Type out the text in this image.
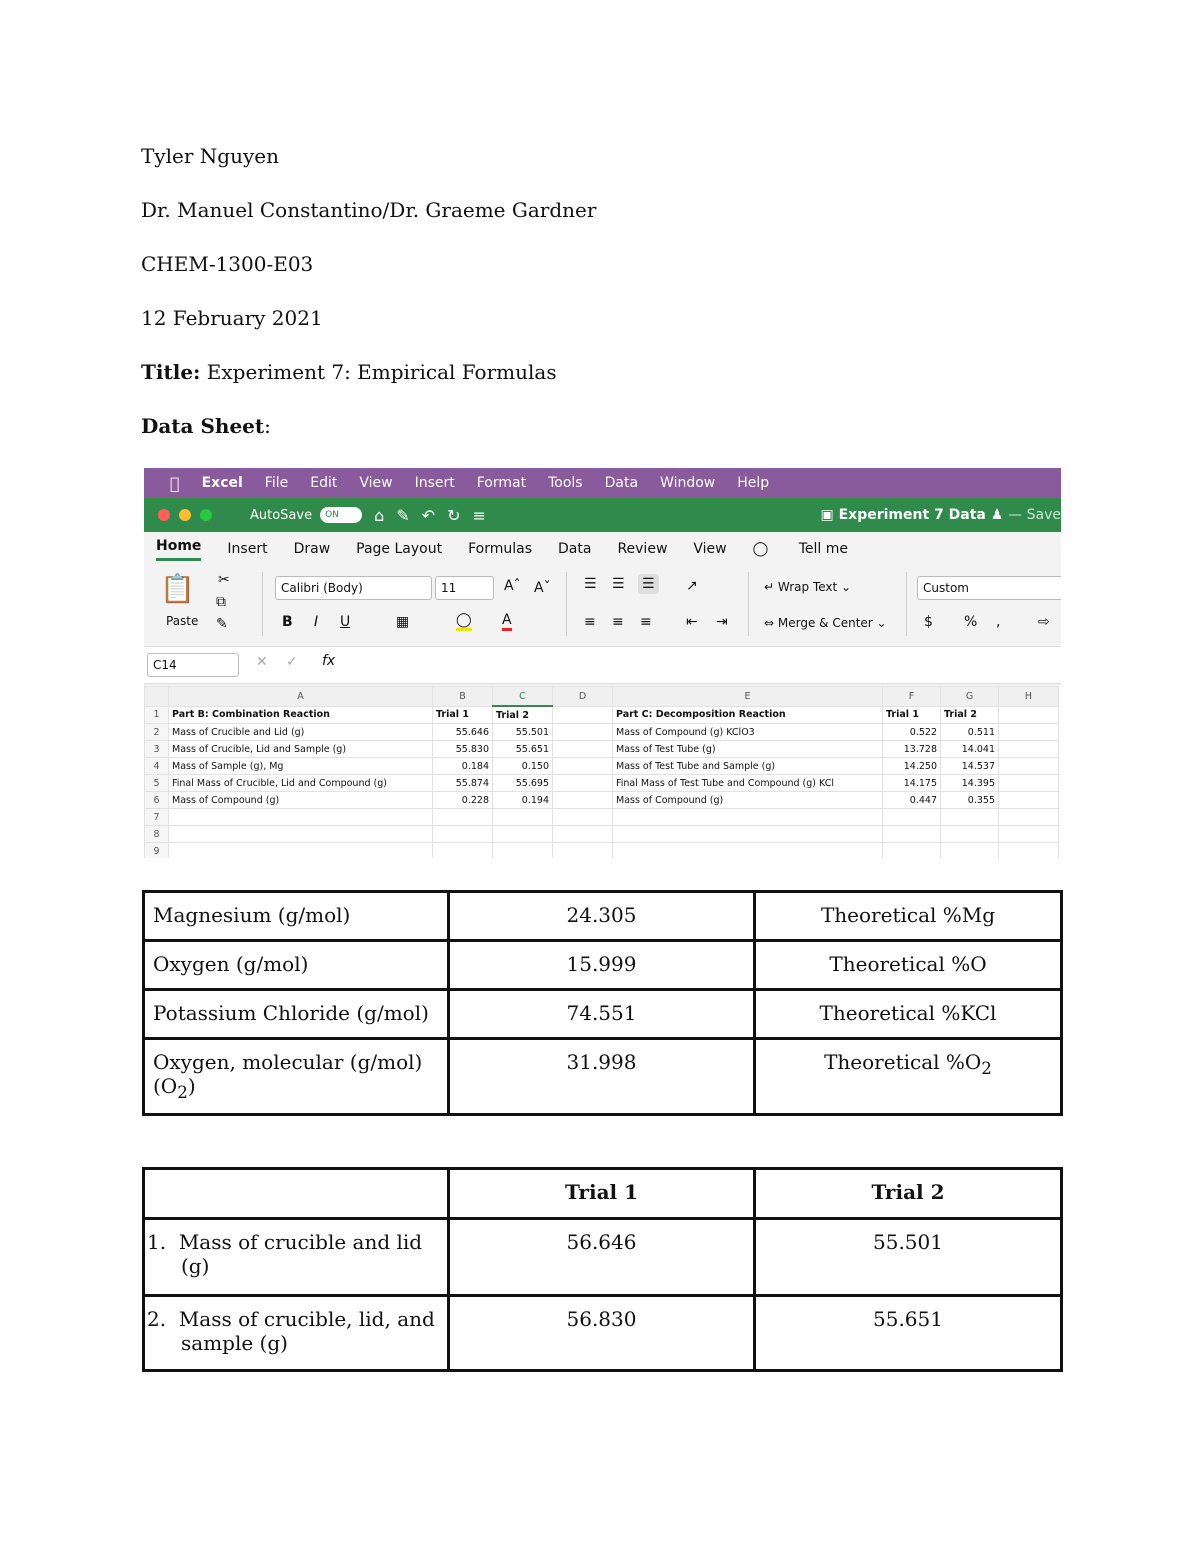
Tyler Nguyen
Dr. Manuel Constantino/Dr. Graeme Gardner
CHEM-1300-E03
12 February 2021
Title: Experiment 7: Empirical Formulas
Data Sheet:
Excel File Edit View Insert Format Tools Data Window Help
AutoSave	ON	⌂ ✎ ↶ ↻ ≡	▣ Experiment 7 Data ♟ — Save
Home Insert Draw Page Layout Formulas Data Review View ◯ Tell me
📋
Paste
✂
⧉
✎
Calibri (Body)	11	Aˆ Aˇ
B I U	▦	◯ A
☰ ☰ ☰
≡ ≡ ≡
↗
⇤ ⇥
↵ Wrap Text ⌄
⇔ Merge & Center ⌄
Custom
$ % ,	⇨
C14	✕ ✓ fx
	A	B	C	D	E	F	G	H
1	Part B: Combination Reaction	Trial 1	Trial 2		Part C: Decomposition Reaction	Trial 1	Trial 2	
2	Mass of Crucible and Lid (g)	55.646	55.501		Mass of Compound (g) KClO3	0.522	0.511	
3	Mass of Crucible, Lid and Sample (g)	55.830	55.651		Mass of Test Tube (g)	13.728	14.041	
4	Mass of Sample (g), Mg	0.184	0.150		Mass of Test Tube and Sample (g)	14.250	14.537	
5	Final Mass of Crucible, Lid and Compound (g)	55.874	55.695		Final Mass of Test Tube and Compound (g) KCl	14.175	14.395	
6	Mass of Compound (g)	0.228	0.194		Mass of Compound (g)	0.447	0.355	
7								
8								
9								
Magnesium (g/mol)	24.305	Theoretical %Mg
Oxygen (g/mol)	15.999	Theoretical %O
Potassium Chloride (g/mol)	74.551	Theoretical %KCl
Oxygen, molecular (g/mol) $(O_2)$	31.998	Theoretical $\%O_2$
	Trial 1	Trial 2
1. Mass of crucible and lid (g)	56.646	55.501
2. Mass of crucible, lid, and sample (g)	56.830	55.651
